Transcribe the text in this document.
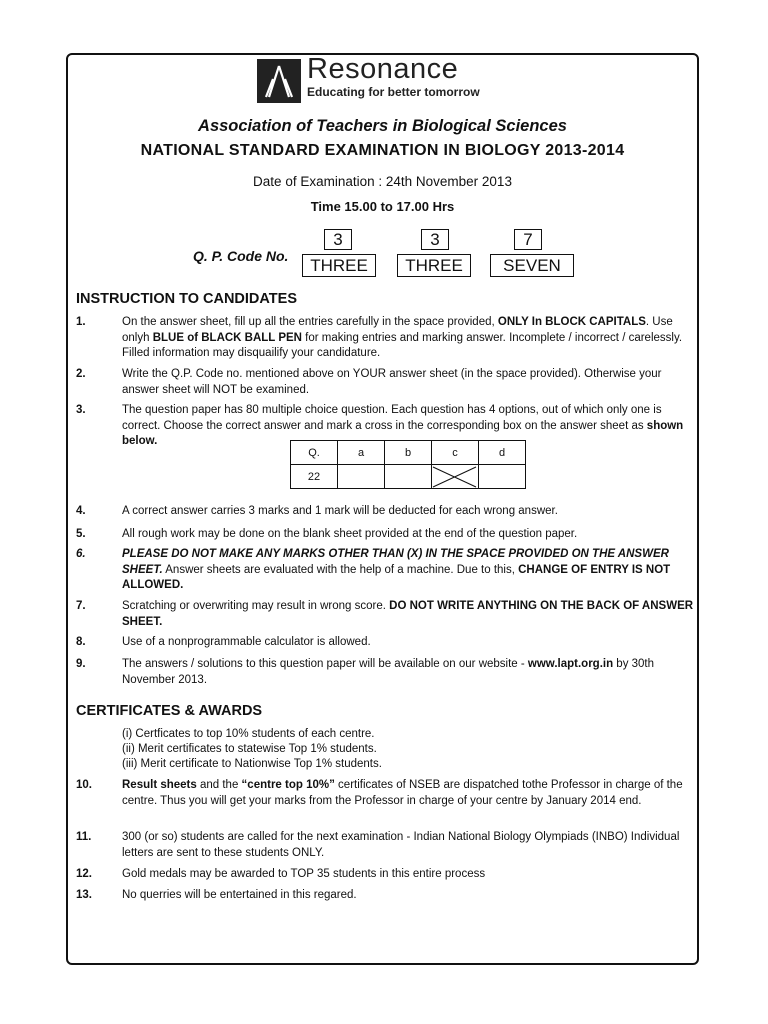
Resonance
Educating for better tomorrow
Association of Teachers in Biological Sciences
NATIONAL STANDARD EXAMINATION IN BIOLOGY 2013-2014
Date of Examination : 24th November 2013
Time 15.00 to 17.00 Hrs
Q. P. Code No.
3	3	7
THREE	THREE	SEVEN
INSTRUCTION TO CANDIDATES
1.	On the answer sheet, fill up all the entries carefully in the space provided, ONLY In BLOCK CAPITALS. Use onlyh BLUE of BLACK BALL PEN for making entries and marking answer. Incomplete / incorrect / carelessly. Filled information may disquailify your candidature.
2.	Write the Q.P. Code no. mentioned above on YOUR answer sheet (in the space provided). Otherwise your answer sheet will NOT be examined.
3.	The question paper has 80 multiple choice question. Each question has 4 options, out of which only one is correct. Choose the correct answer and mark a cross in the corresponding box on the answer sheet as shown below.
Q.	a	b	c	d
22			

4.	A correct answer carries 3 marks and 1 mark will be deducted for each wrong answer.
5.	All rough work may be done on the blank sheet provided at the end of the question paper.
6.	PLEASE DO NOT MAKE ANY MARKS OTHER THAN (X) IN THE SPACE PROVIDED ON THE ANSWER SHEET. Answer sheets are evaluated with the help of a machine. Due to this, CHANGE OF ENTRY IS NOT ALLOWED.
7.	Scratching or overwriting may result in wrong score. DO NOT WRITE ANYTHING ON THE BACK OF ANSWER SHEET.
8.	Use of a nonprogrammable calculator is allowed.
9.	The answers / solutions to this question paper will be available on our website - www.lapt.org.in by 30th November 2013.
CERTIFICATES & AWARDS
(i) Certficates to top 10% students of each centre.
(ii) Merit certificates to statewise Top 1% students.
(iii) Merit certificate to Nationwise Top 1% students.
10.	Result sheets and the “centre top 10%” certificates of NSEB are dispatched tothe Professor in charge of the centre. Thus you will get your marks from the Professor in charge of your centre by January 2014 end.
11.	300 (or so) students are called for the next examination - Indian National Biology Olympiads (INBO) Individual letters are sent to these students ONLY.
12.	Gold medals may be awarded to TOP 35 students in this entire process
13.	No querries will be entertained in this regared.
